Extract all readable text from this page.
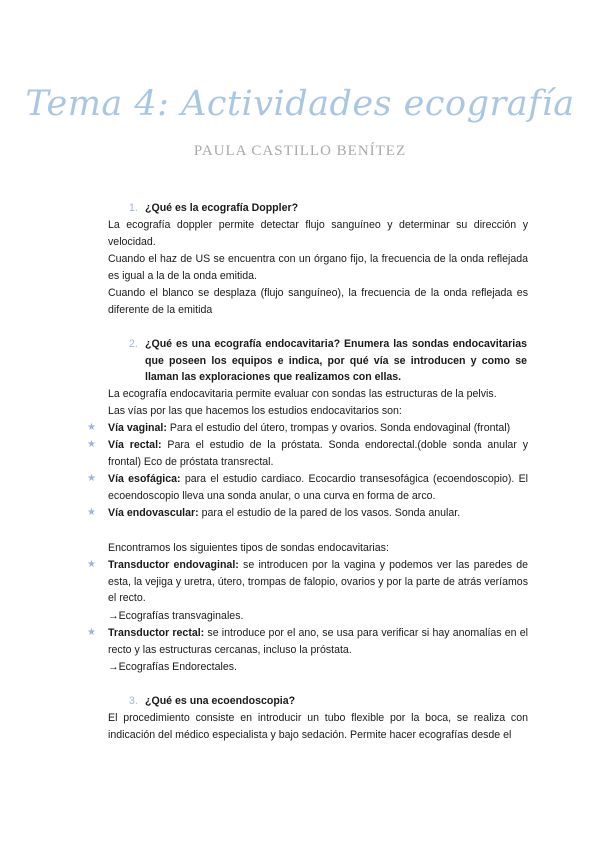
Tema 4: Actividades ecografía
PAULA CASTILLO BENÍTEZ
1. ¿Qué es la ecografía Doppler?
La ecografía doppler permite detectar flujo sanguíneo y determinar su dirección y velocidad.
Cuando el haz de US se encuentra con un órgano fijo, la frecuencia de la onda reflejada es igual a la de la onda emitida.
Cuando el blanco se desplaza (flujo sanguíneo), la frecuencia de la onda reflejada es diferente de la emitida
2. ¿Qué es una ecografía endocavitaria? Enumera las sondas endocavitarias que poseen los equipos e indica, por qué vía se introducen y como se llaman las exploraciones que realizamos con ellas.
La ecografía endocavitaria permite evaluar con sondas las estructuras de la pelvis.
Las vías por las que hacemos los estudios endocavitarios son:
★ Vía vaginal: Para el estudio del útero, trompas y ovarios. Sonda endovaginal (frontal)
★ Vía rectal: Para el estudio de la próstata. Sonda endorectal.(doble sonda anular y frontal) Eco de próstata transrectal.
★ Vía esofágica: para el estudio cardiaco. Ecocardio transesofágica (ecoendoscopio). El ecoendoscopio lleva una sonda anular, o una curva en forma de arco.
★ Vía endovascular: para el estudio de la pared de los vasos. Sonda anular.
Encontramos los siguientes tipos de sondas endocavitarias:
★ Transductor endovaginal: se introducen por la vagina y podemos ver las paredes de esta, la vejiga y uretra, útero, trompas de falopio, ovarios y por la parte de atrás veríamos el recto.
→Ecografías transvaginales.
★ Transductor rectal: se introduce por el ano, se usa para verificar si hay anomalías en el recto y las estructuras cercanas, incluso la próstata.
→Ecografías Endorectales.
3. ¿Qué es una ecoendoscopia?
El procedimiento consiste en introducir un tubo flexible por la boca, se realiza con indicación del médico especialista y bajo sedación. Permite hacer ecografías desde el
